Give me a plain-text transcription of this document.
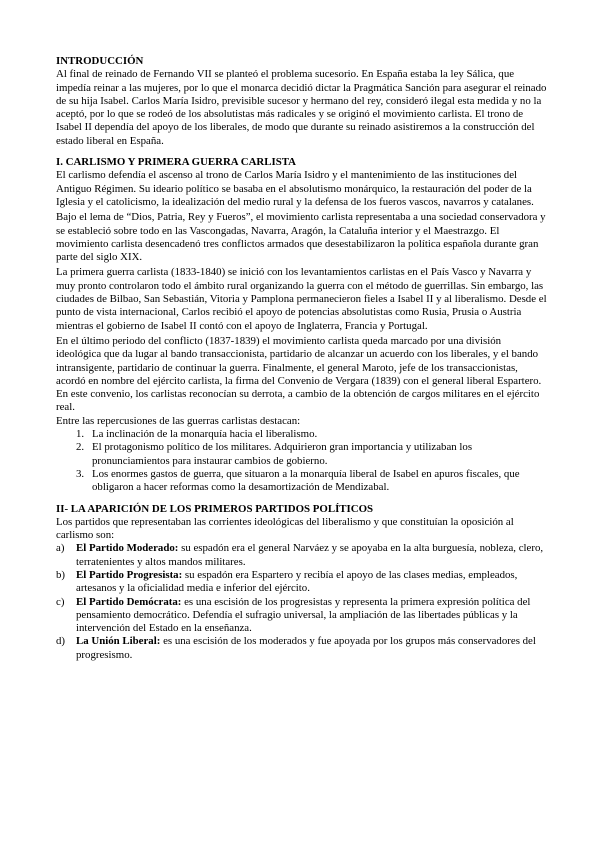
INTRODUCCIÓN

Al final de reinado de Fernando VII se planteó el problema sucesorio. En España estaba la ley Sálica, que impedía reinar a las mujeres, por lo que el monarca decidió dictar la Pragmática Sanción para asegurar el reinado de su hija Isabel. Carlos María Isidro, previsible sucesor y hermano del rey, consideró ilegal esta medida y no la aceptó, por lo que se rodeó de los absolutistas más radicales y se originó el movimiento carlista. El trono de Isabel II dependía del apoyo de los liberales, de modo que durante su reinado asistiremos a la construcción del estado liberal en España.

I. CARLISMO Y PRIMERA GUERRA CARLISTA

El carlismo defendía el ascenso al trono de Carlos María Isidro y el mantenimiento de las instituciones del Antiguo Régimen. Su ideario político se basaba en el absolutismo monárquico, la restauración del poder de la Iglesia y el catolicismo, la idealización del medio rural y la defensa de los fueros vascos, navarros y catalanes.

Bajo el lema de “Dios, Patria, Rey y Fueros”, el movimiento carlista representaba a una sociedad conservadora y se estableció sobre todo en las Vascongadas, Navarra, Aragón, la Cataluña interior y el Maestrazgo. El movimiento carlista desencadenó tres conflictos armados que desestabilizaron la política española durante gran parte del siglo XIX.

La primera guerra carlista (1833-1840) se inició con los levantamientos carlistas en el País Vasco y Navarra y muy pronto controlaron todo el ámbito rural organizando la guerra con el método de guerrillas. Sin embargo, las ciudades de Bilbao, San Sebastián, Vitoria y Pamplona permanecieron fieles a Isabel II y al liberalismo. Desde el punto de vista internacional, Carlos recibió el apoyo de potencias absolutistas como Rusia, Prusia o Austria mientras el gobierno de Isabel II contó con el apoyo de Inglaterra, Francia y Portugal.

En el último periodo del conflicto (1837-1839) el movimiento carlista queda marcado por una división ideológica que da lugar al bando transaccionista, partidario de alcanzar un acuerdo con los liberales, y el bando intransigente, partidario de continuar la guerra. Finalmente, el general Maroto, jefe de los transaccionistas, acordó en nombre del ejército carlista, la firma del Convenio de Vergara (1839) con el general liberal Espartero. En este convenio, los carlistas reconocían su derrota, a cambio de la obtención de cargos militares en el ejército real.

Entre las repercusiones de las guerras carlistas destacan:

1. La inclinación de la monarquía hacia el liberalismo.
2. El protagonismo político de los militares. Adquirieron gran importancia y utilizaban los pronunciamientos para instaurar cambios de gobierno.
3. Los enormes gastos de guerra, que situaron a la monarquía liberal de Isabel en apuros fiscales, que obligaron a hacer reformas como la desamortización de Mendizabal.

II- LA APARICIÓN DE LOS PRIMEROS PARTIDOS POLÍTICOS

Los partidos que representaban las corrientes ideológicas del liberalismo y que constituían la oposición al carlismo son:

a) El Partido Moderado: su espadón era el general Narváez y se apoyaba en la alta burguesía, nobleza, clero, terratenientes y altos mandos militares.
b) El Partido Progresista: su espadón era Espartero y recibía el apoyo de las clases medias, empleados, artesanos y la oficialidad media e inferior del ejército.
c) El Partido Demócrata: es una escisión de los progresistas y representa la primera expresión política del pensamiento democrático. Defendía el sufragio universal, la ampliación de las libertades públicas y la intervención del Estado en la enseñanza.
d) La Unión Liberal: es una escisión de los moderados y fue apoyada por los grupos más conservadores del progresismo.
